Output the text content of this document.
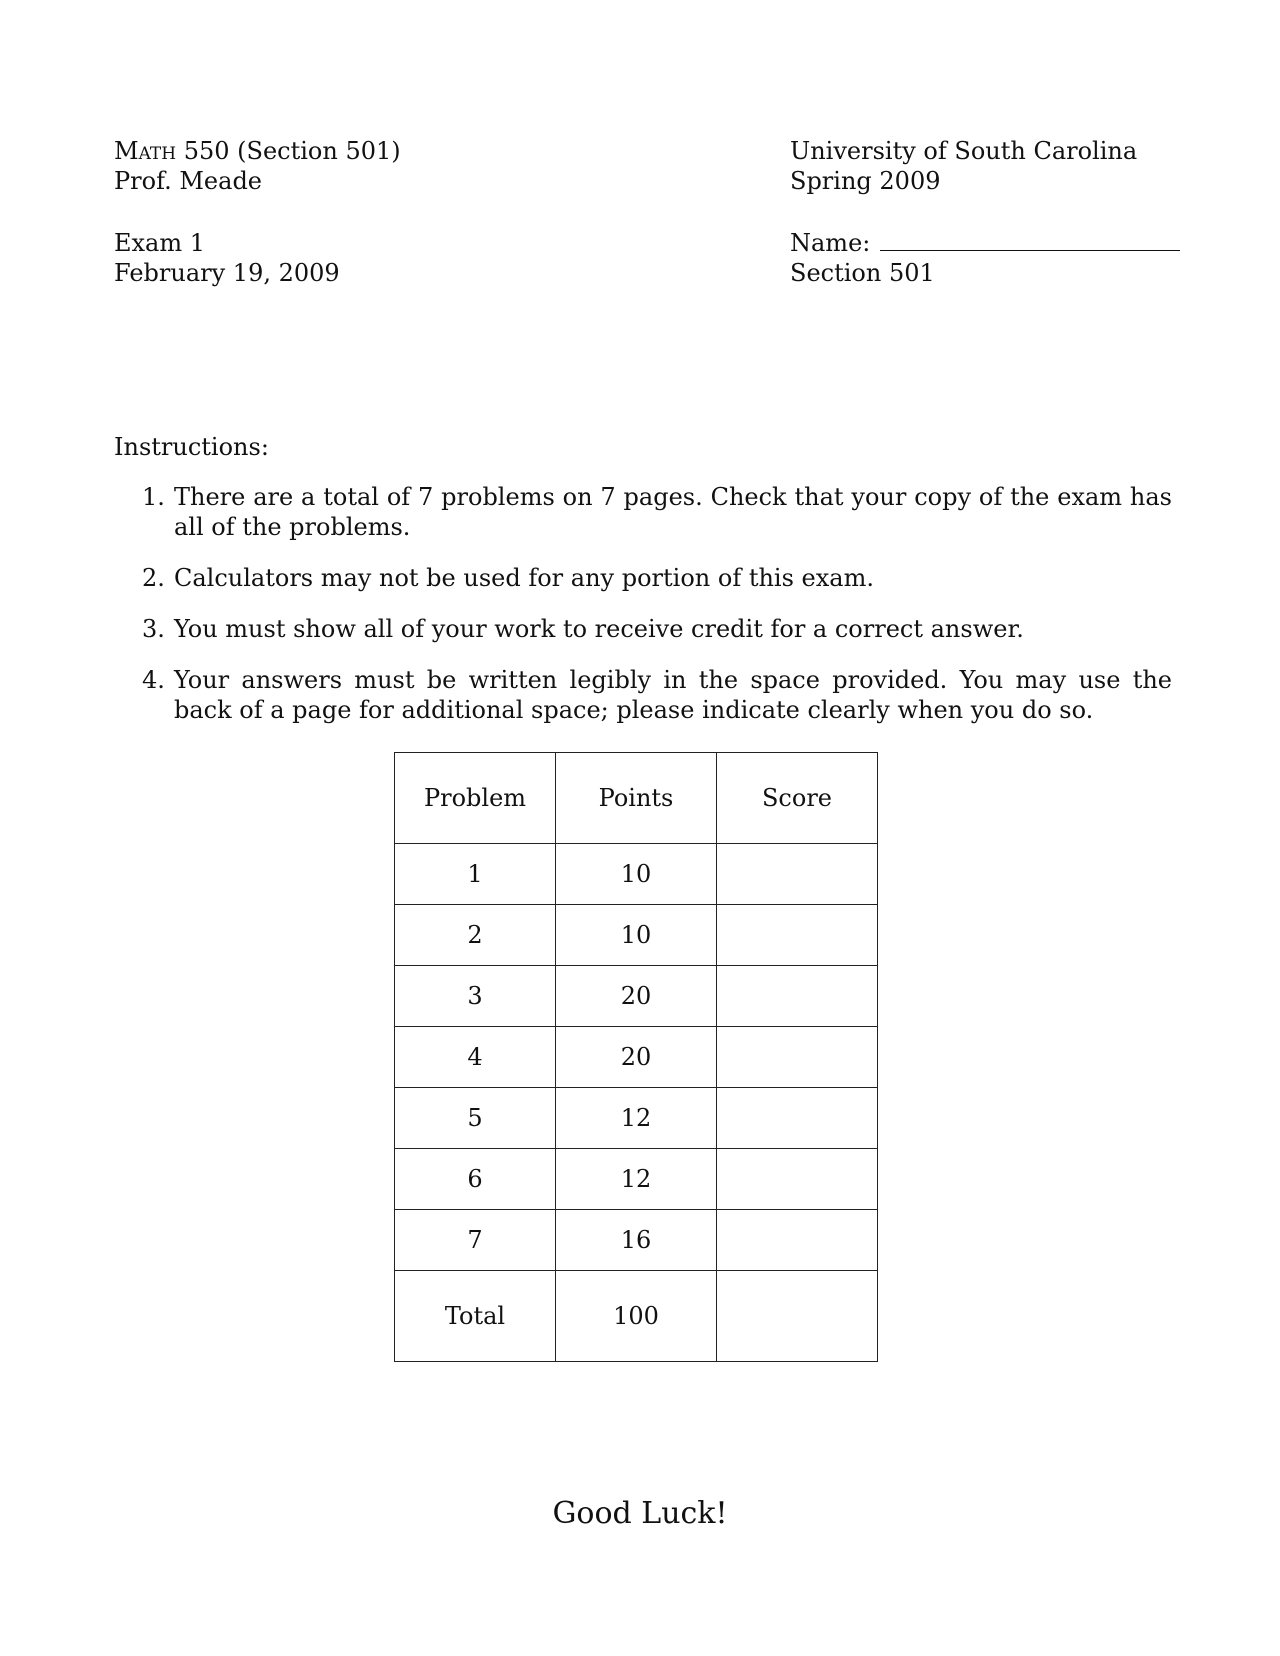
Math 550 (Section 501)
Prof. Meade
University of South Carolina
Spring 2009
Exam 1
February 19, 2009
Name:
Section 501
Instructions:
1. There are a total of 7 problems on 7 pages. Check that your copy of the exam has all of the problems.
2. Calculators may not be used for any portion of this exam.
3. You must show all of your work to receive credit for a correct answer.
4. Your answers must be written legibly in the space provided. You may use the back of a page for additional space; please indicate clearly when you do so.
Problem	Points	Score
1	10	
2	10	
3	20	
4	20	
5	12	
6	12	
7	16	
Total	100	
Good Luck!
